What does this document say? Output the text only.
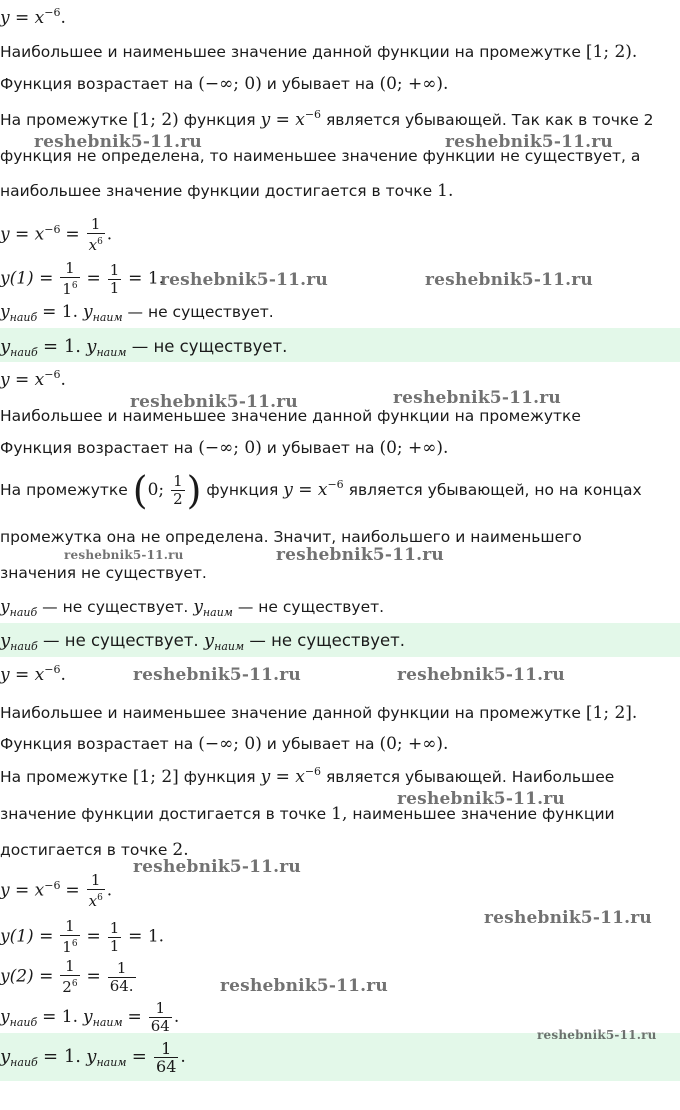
$y = x^{-6}$.
Наибольшее и наименьшее значение данной функции на промежутке [1; 2).
Функция возрастает на (−∞; 0) и убывает на (0; +∞).
На промежутке [1; 2) функция $y = x^{-6}$ является убывающей. Так как в точке 2
функция не определена, то наименьшее значение функции не существует, а
наибольшее значение функции достигается в точке 1.
$y = x^{-6} = \frac{1}{x^6}$ .
$y(1) = \frac{1}{1^6} = \frac{1}{1} = 1$.
$y_{наиб} = 1$. $y_{наим}$ — не существует.
$y_{наиб} = 1$. $y_{наим}$ — не существует.
$y = x^{-6}$.
Наибольшее и наименьшее значение данной функции на промежутке
Функция возрастает на (−∞; 0) и убывает на (0; +∞).
На промежутке (0; $\frac{1}{2}$ ) функция $y = x^{-6}$ является убывающей, но на концах
промежутка она не определена. Значит, наибольшего и наименьшего
значения не существует.
$y_{наиб}$ — не существует. $y_{наим}$ — не существует.
$y_{наиб}$ — не существует. $y_{наим}$ — не существует.
$y = x^{-6}$.
Наибольшее и наименьшее значение данной функции на промежутке [1; 2].
Функция возрастает на (−∞; 0) и убывает на (0; +∞).
На промежутке [1; 2] функция $y = x^{-6}$ является убывающей. Наибольшее
значение функции достигается в точке 1, наименьшее значение функции
достигается в точке 2.
$y = x^{-6} = \frac{1}{x^6}$ .
$y(1) = \frac{1}{1^6} = \frac{1}{1} = 1$.
$y(2) = \frac{1}{2^6} = \frac{1}{64.}$
$y_{наиб} = 1$. $y_{наим} = \frac{1}{64}$ .
$y_{наиб} = 1$. $y_{наим} = \frac{1}{64}$ .
reshebnik5-11.ru	reshebnik5-11.ru
reshebnik5-11.ru	reshebnik5-11.ru
reshebnik5-11.ru	reshebnik5-11.ru
reshebnik5-11.ru	reshebnik5-11.ru
reshebnik5-11.ru	reshebnik5-11.ru
reshebnik5-11.ru
reshebnik5-11.ru
reshebnik5-11.ru
reshebnik5-11.ru
reshebnik5-11.ru
